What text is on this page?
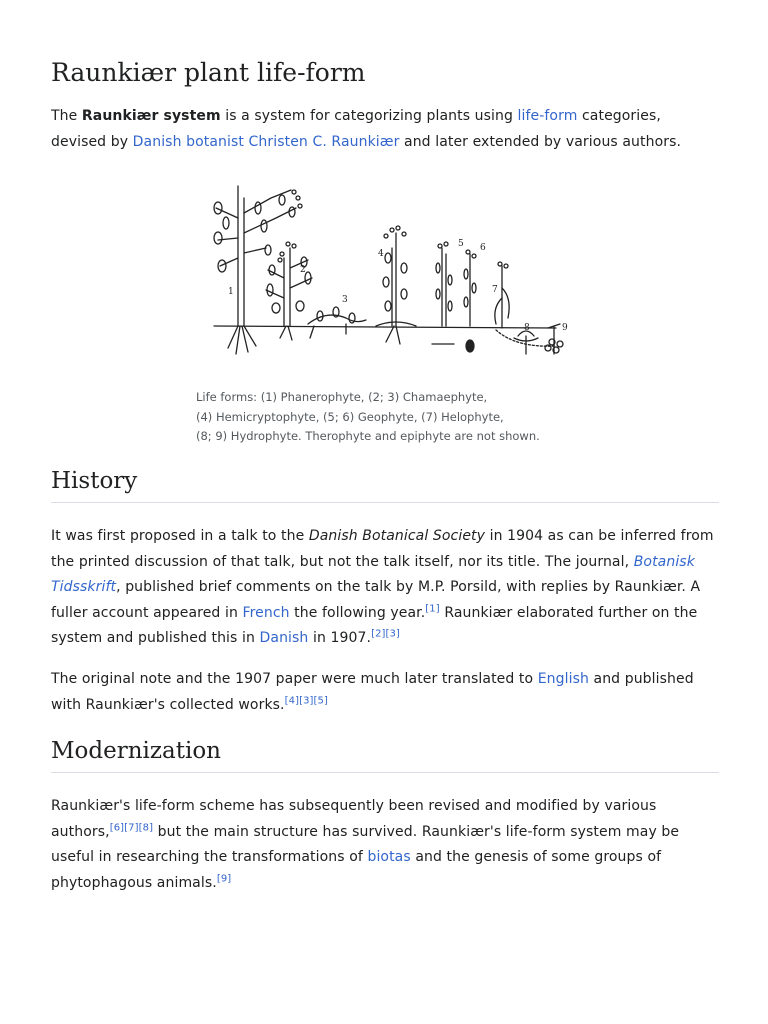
Raunkiær plant life-form

The Raunkiær system is a system for categorizing plants using life-form categories, devised by Danish botanist Christen C. Raunkiær and later extended by various authors.

1
2
3
4
5 6
7
8	9
Life forms: (1) Phanerophyte, (2; 3) Chamaephyte,
(4) Hemicryptophyte, (5; 6) Geophyte, (7) Helophyte,
(8; 9) Hydrophyte. Therophyte and epiphyte are not shown.
History

It was first proposed in a talk to the Danish Botanical Society in 1904 as can be inferred from the printed discussion of that talk, but not the talk itself, nor its title. The journal, Botanisk Tidsskrift, published brief comments on the talk by M.P. Porsild, with replies by Raunkiær. A fuller account appeared in French the following year.[1] Raunkiær elaborated further on the system and published this in Danish in 1907.[2][3]

The original note and the 1907 paper were much later translated to English and published with Raunkiær's collected works.[4][3][5]

Modernization

Raunkiær's life-form scheme has subsequently been revised and modified by various authors,[6][7][8] but the main structure has survived. Raunkiær's life-form system may be useful in researching the transformations of biotas and the genesis of some groups of phytophagous animals.[9]
